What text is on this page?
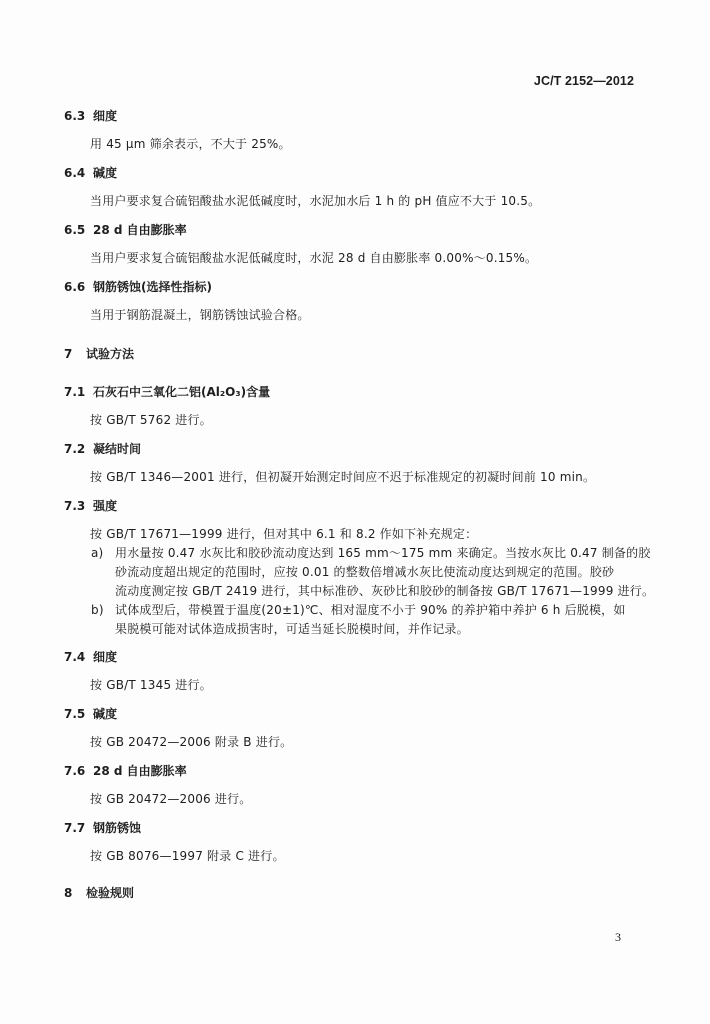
JC/T 2152—2012
6.3 细度
用 45 μm 筛余表示，不大于 25%。
6.4 碱度
当用户要求复合硫铝酸盐水泥低碱度时，水泥加水后 1 h 的 pH 值应不大于 10.5。
6.5 28 d 自由膨胀率
当用户要求复合硫铝酸盐水泥低碱度时，水泥 28 d 自由膨胀率 0.00%～0.15%。
6.6 钢筋锈蚀(选择性指标)
当用于钢筋混凝土，钢筋锈蚀试验合格。
7 试验方法
7.1 石灰石中三氧化二铝(Al₂O₃)含量
按 GB/T 5762 进行。
7.2 凝结时间
按 GB/T 1346—2001 进行，但初凝开始测定时间应不迟于标准规定的初凝时间前 10 min。
7.3 强度
按 GB/T 17671—1999 进行，但对其中 6.1 和 8.2 作如下补充规定：
a) 用水量按 0.47 水灰比和胶砂流动度达到 165 mm～175 mm 来确定。当按水灰比 0.47 制备的胶
砂流动度超出规定的范围时，应按 0.01 的整数倍增减水灰比使流动度达到规定的范围。胶砂
流动度测定按 GB/T 2419 进行，其中标准砂、灰砂比和胶砂的制备按 GB/T 17671—1999 进行。
b) 试体成型后，带模置于温度(20±1)℃、相对湿度不小于 90% 的养护箱中养护 6 h 后脱模，如
果脱模可能对试体造成损害时，可适当延长脱模时间，并作记录。
7.4 细度
按 GB/T 1345 进行。
7.5 碱度
按 GB 20472—2006 附录 B 进行。
7.6 28 d 自由膨胀率
按 GB 20472—2006 进行。
7.7 钢筋锈蚀
按 GB 8076—1997 附录 C 进行。
8 检验规则
3
